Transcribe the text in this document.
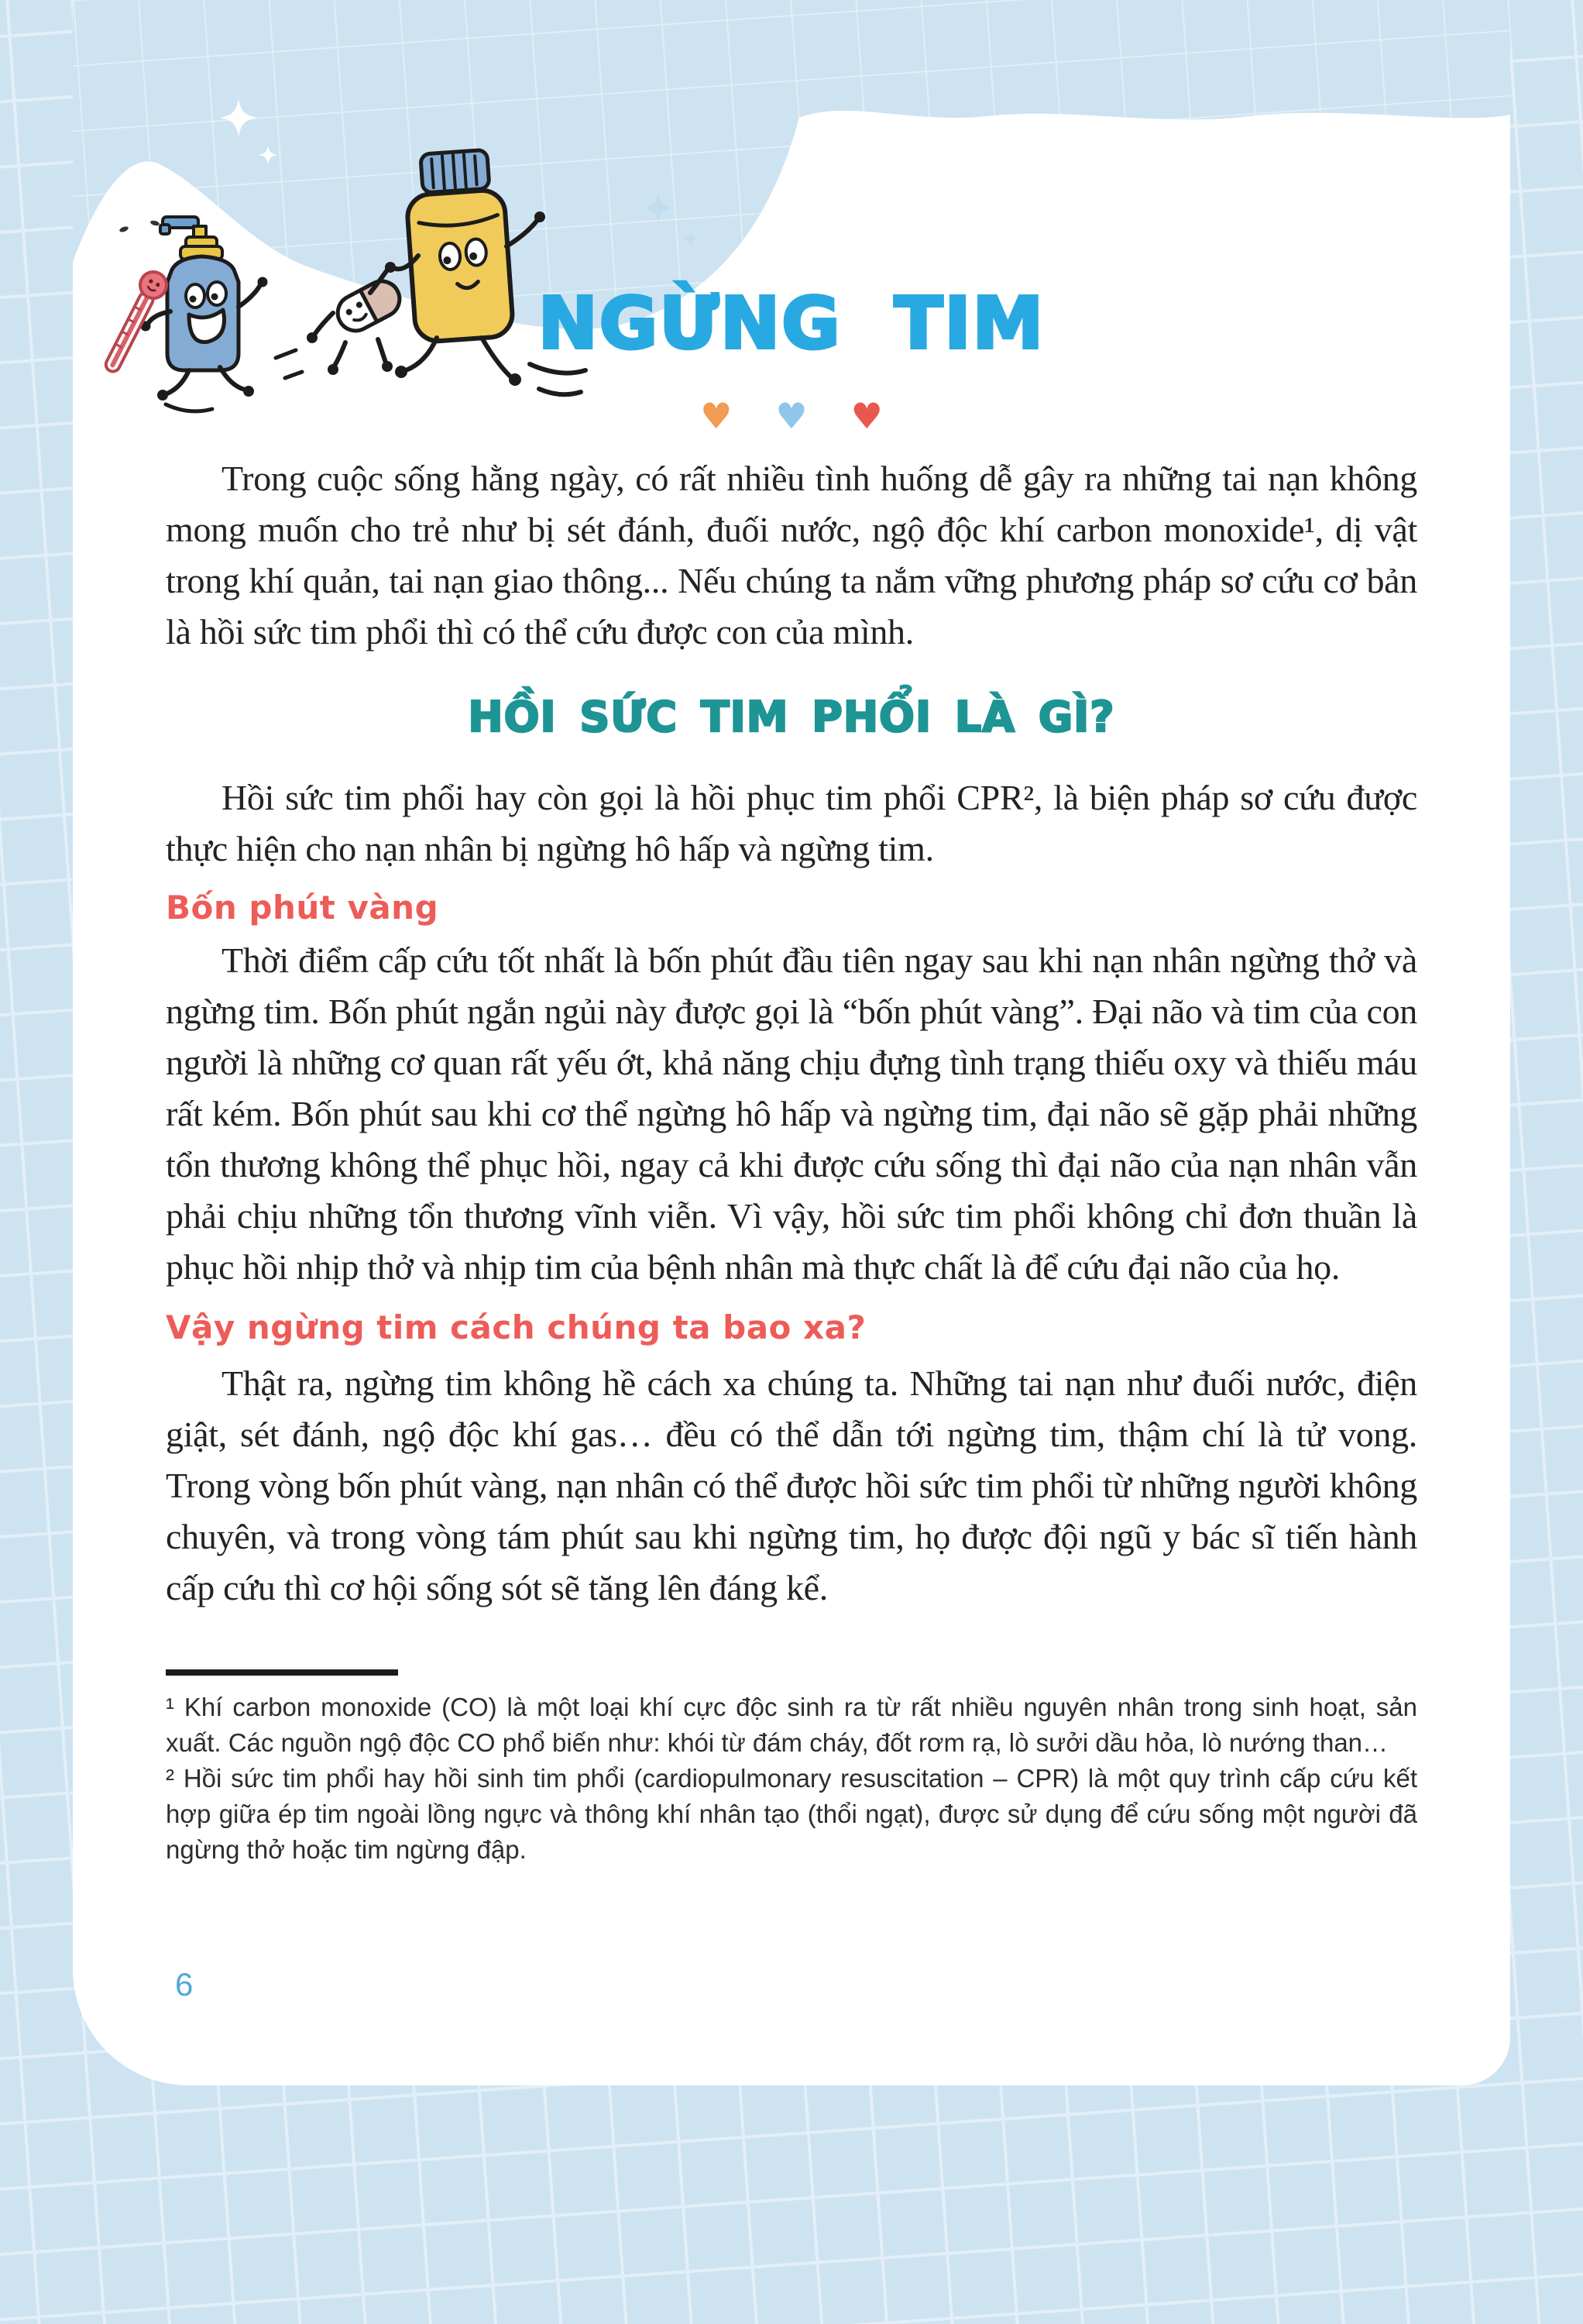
NGỪNG TIM
♥ ♥ ♥

Trong cuộc sống hằng ngày, có rất nhiều tình huống dễ gây ra những tai nạn không mong muốn cho trẻ như bị sét đánh, đuối nước, ngộ độc khí carbon monoxide¹, dị vật trong khí quản, tai nạn giao thông... Nếu chúng ta nắm vững phương pháp sơ cứu cơ bản là hồi sức tim phổi thì có thể cứu được con của mình.

HỒI SỨC TIM PHỔI LÀ GÌ?

Hồi sức tim phổi hay còn gọi là hồi phục tim phổi CPR², là biện pháp sơ cứu được thực hiện cho nạn nhân bị ngừng hô hấp và ngừng tim.

Bốn phút vàng

Thời điểm cấp cứu tốt nhất là bốn phút đầu tiên ngay sau khi nạn nhân ngừng thở và ngừng tim. Bốn phút ngắn ngủi này được gọi là “bốn phút vàng”. Đại não và tim của con người là những cơ quan rất yếu ớt, khả năng chịu đựng tình trạng thiếu oxy và thiếu máu rất kém. Bốn phút sau khi cơ thể ngừng hô hấp và ngừng tim, đại não sẽ gặp phải những tổn thương không thể phục hồi, ngay cả khi được cứu sống thì đại não của nạn nhân vẫn phải chịu những tổn thương vĩnh viễn. Vì vậy, hồi sức tim phổi không chỉ đơn thuần là phục hồi nhịp thở và nhịp tim của bệnh nhân mà thực chất là để cứu đại não của họ.

Vậy ngừng tim cách chúng ta bao xa?

Thật ra, ngừng tim không hề cách xa chúng ta. Những tai nạn như đuối nước, điện giật, sét đánh, ngộ độc khí gas… đều có thể dẫn tới ngừng tim, thậm chí là tử vong. Trong vòng bốn phút vàng, nạn nhân có thể được hồi sức tim phổi từ những người không chuyên, và trong vòng tám phút sau khi ngừng tim, họ được đội ngũ y bác sĩ tiến hành cấp cứu thì cơ hội sống sót sẽ tăng lên đáng kể.

¹ Khí carbon monoxide (CO) là một loại khí cực độc sinh ra từ rất nhiều nguyên nhân trong sinh hoạt, sản xuất. Các nguồn ngộ độc CO phổ biến như: khói từ đám cháy, đốt rơm rạ, lò sưởi dầu hỏa, lò nướng than…

² Hồi sức tim phổi hay hồi sinh tim phổi (cardiopulmonary resuscitation – CPR) là một quy trình cấp cứu kết hợp giữa ép tim ngoài lồng ngực và thông khí nhân tạo (thổi ngạt), được sử dụng để cứu sống một người đã ngừng thở hoặc tim ngừng đập.

6
